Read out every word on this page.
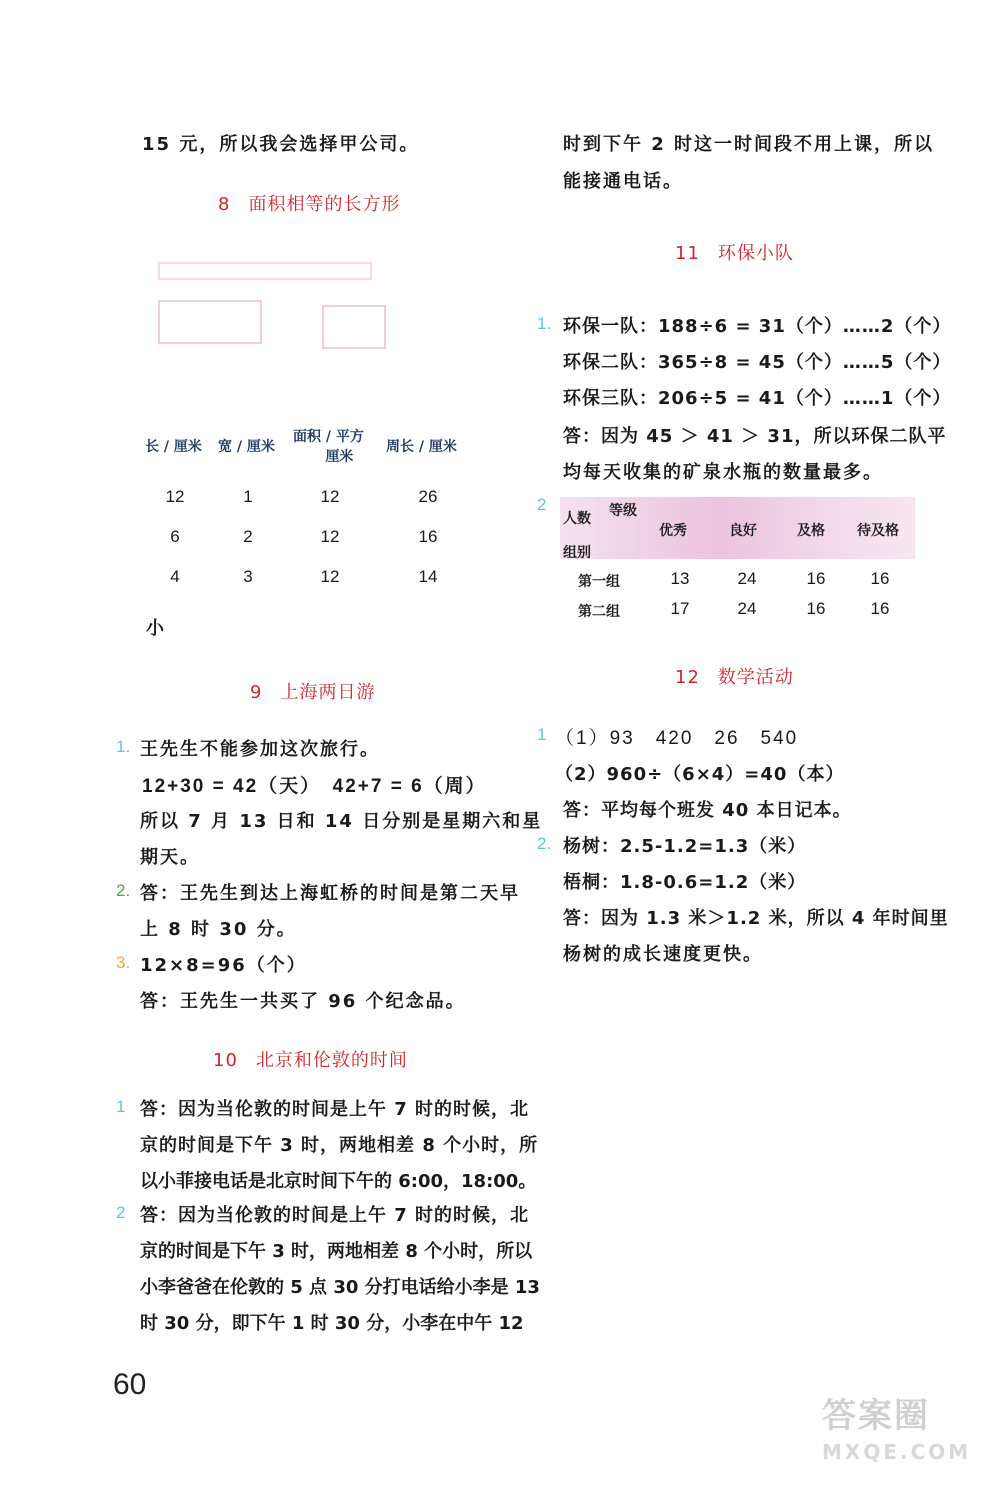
15 元，所以我会选择甲公司。
8 面积相等的长方形
长 / 厘米 宽 / 厘米
面积 / 平方
厘米
周长 / 厘米
12	1	12	26
6	2	12	16
4	3	12	14
小
9 上海两日游
1. 王先生不能参加这次旅行。
12+30 = 42（天）　42+7 = 6（周）
所以 7 月 13 日和 14 日分别是星期六和星
期天。
2. 答：王先生到达上海虹桥的时间是第二天早
上 8 时 30 分。
3. 12×8=96（个）
答：王先生一共买了 96 个纪念品。
10 北京和伦敦的时间
1 答：因为当伦敦的时间是上午 7 时的时候，北
京的时间是下午 3 时，两地相差 8 个小时，所
以小菲接电话是北京时间下午的 6:00，18:00。
2 答：因为当伦敦的时间是上午 7 时的时候，北
京的时间是下午 3 时，两地相差 8 个小时，所以
小李爸爸在伦敦的 5 点 30 分打电话给小李是 13
时 30 分，即下午 1 时 30 分，小李在中午 12
60
时到下午 2 时这一时间段不用上课，所以
能接通电话。
11 环保小队
1. 环保一队：188÷6 = 31（个）……2（个）
环保二队：365÷8 = 45（个）……5（个）
环保三队：206÷5 = 41（个）……1（个）
答：因为 45 ＞ 41 ＞ 31，所以环保二队平
均每天收集的矿泉水瓶的数量最多。
2	等级
人数
组别
优秀	良好	及格 待及格
第一组	13	24	16	16
第二组	17	24	16	16
12 数学活动
1 （1）93　420　26　540
（2）960÷（6×4）=40（本）
答：平均每个班发 40 本日记本。
2. 杨树：2.5-1.2=1.3（米）
梧桐：1.8-0.6=1.2（米）
答：因为 1.3 米＞1.2 米，所以 4 年时间里
杨树的成长速度更快。
答案圈
MXQE.COM
